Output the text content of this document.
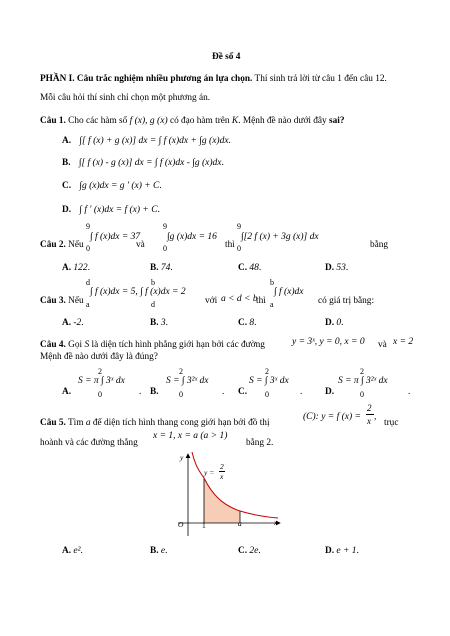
Đề số 4
PHẦN I. Câu trắc nghiệm nhiều phương án lựa chọn. Thí sinh trả lời từ câu 1 đến câu 12.
Mỗi câu hỏi thí sinh chỉ chọn một phương án.
Câu 1. Cho các hàm số f (x), g (x) có đạo hàm trên K. Mệnh đề nào dưới đây sai?
A. ∫[ f (x) + g (x)] dx = ∫ f (x)dx + ∫g (x)dx.
B. ∫[ f (x) - g (x)] dx = ∫ f (x)dx - ∫g (x)dx.
C. ∫g (x)dx = g ′ (x) + C.
D. ∫ f ′ (x)dx = f (x) + C.
9
0
9
0
9
0
Câu 2. Nếu
∫ f (x)dx = 37
và
∫g (x)dx = 16
thì
∫[2 f (x) + 3g (x)] dx
bằng
A. 122.	B. 74.	C. 48.	D. 53.
d
a
b
d
b
a
Câu 3. Nếu
∫ f (x)dx = 5, ∫ f (x)dx = 2
với a < d < b
thì
∫ f (x)dx
có giá trị bằng:
A. -2.	B. 3.	C. 8.	D. 0.
Câu 4. Gọi S là diện tích hình phẳng giới hạn bởi các đường	y = 3ˣ, y = 0, x = 0 và x = 2
Mệnh đề nào dưới đây là đúng?
2
0
2
0
2
0
2
0
A.
S = π ∫ 3ˣ dx
. B.
S = ∫ 3²ˣ dx
. C.
S = ∫ 3ˣ dx
. D.
S = π ∫ 3²ˣ dx
.
Câu 5. Tìm a để diện tích hình thang cong giới hạn bởi đồ thị
(C): y = f (x) =
2
x ,
trục
hoành và các đường thẳng
x = 1, x = a (a > 1)
bằng 2.
y
x
O 1	a
y =
2
x
A. e².	B. e.	C. 2e.	D. e + 1.
